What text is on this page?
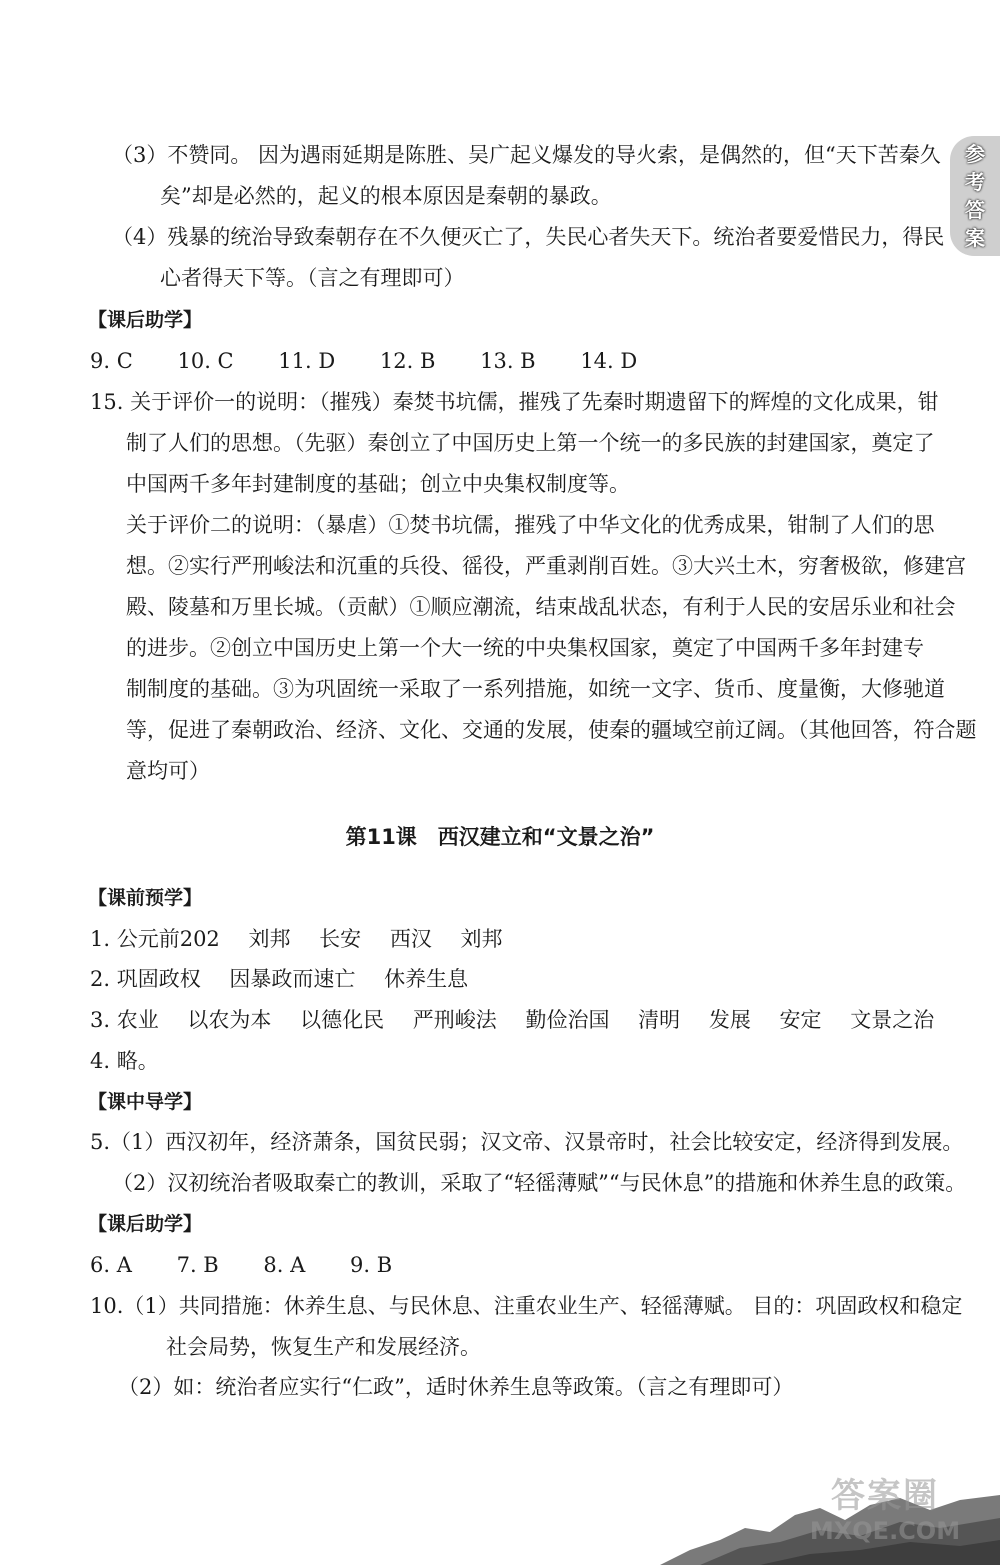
参
考
答
案
（3）不赞同。 因为遇雨延期是陈胜、吴广起义爆发的导火索，是偶然的，但“天下苦秦久
矣”却是必然的，起义的根本原因是秦朝的暴政。
（4）残暴的统治导致秦朝存在不久便灭亡了，失民心者失天下。统治者要爱惜民力，得民
心者得天下等。（言之有理即可）
【课后助学】
9. C 10. C 11. D 12. B 13. B 14. D
15. 关于评价一的说明：（摧残）秦焚书坑儒，摧残了先秦时期遗留下的辉煌的文化成果，钳
制了人们的思想。（先驱）秦创立了中国历史上第一个统一的多民族的封建国家，奠定了
中国两千多年封建制度的基础；创立中央集权制度等。
关于评价二的说明：（暴虐）①焚书坑儒，摧残了中华文化的优秀成果，钳制了人们的思
想。②实行严刑峻法和沉重的兵役、徭役，严重剥削百姓。③大兴土木，穷奢极欲，修建宫
殿、陵墓和万里长城。（贡献）①顺应潮流，结束战乱状态，有利于人民的安居乐业和社会
的进步。②创立中国历史上第一个大一统的中央集权国家，奠定了中国两千多年封建专
制制度的基础。③为巩固统一采取了一系列措施，如统一文字、货币、度量衡，大修驰道
等，促进了秦朝政治、经济、文化、交通的发展，使秦的疆域空前辽阔。（其他回答，符合题
意均可）
第11课　西汉建立和“文景之治”
【课前预学】
1. 公元前202 刘邦 长安 西汉 刘邦
2. 巩固政权 因暴政而速亡 休养生息
3. 农业 以农为本 以德化民 严刑峻法 勤俭治国 清明 发展 安定 文景之治
4. 略。
【课中导学】
5.（1）西汉初年，经济萧条，国贫民弱；汉文帝、汉景帝时，社会比较安定，经济得到发展。
（2）汉初统治者吸取秦亡的教训，采取了“轻徭薄赋”“与民休息”的措施和休养生息的政策。
【课后助学】
6. A 7. B 8. A 9. B
10.（1）共同措施：休养生息、与民休息、注重农业生产、轻徭薄赋。 目的：巩固政权和稳定
社会局势，恢复生产和发展经济。
（2）如：统治者应实行“仁政”，适时休养生息等政策。（言之有理即可）
答案圈
MXQE.COM
